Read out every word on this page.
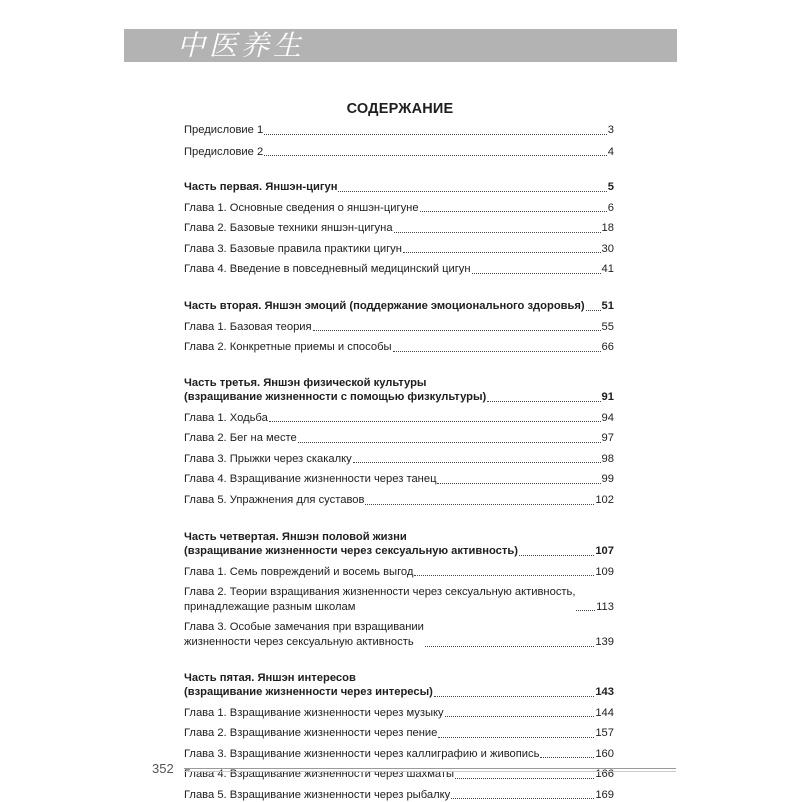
中医养生
СОДЕРЖАНИЕ
Предисловие 1	3
Предисловие 2	4
Часть первая. Яншэн-цигун	5
Глава 1. Основные сведения о яншэн-цигуне	6
Глава 2. Базовые техники яншэн-цигуна	18
Глава 3. Базовые правила практики цигун	30
Глава 4. Введение в повседневный медицинский цигун	41
Часть вторая. Яншэн эмоций (поддержание эмоционального здоровья) 51
Глава 1. Базовая теория	55
Глава 2. Конкретные приемы и способы	66
Часть третья. Яншэн физической культуры
(взращивание жизненности с помощью физкультуры)	91
Глава 1. Ходьба	94
Глава 2. Бег на месте	97
Глава 3. Прыжки через скакалку	98
Глава 4. Взращивание жизненности через танец	99
Глава 5. Упражнения для суставов	102
Часть четвертая. Яншэн половой жизни
(взращивание жизненности через сексуальную активность)	107
Глава 1. Семь повреждений и восемь выгод	109
Глава 2. Теории взращивания жизненности через сексуальную активность,
принадлежащие разным школам	113
Глава 3. Особые замечания при взращивании
жизненности через сексуальную активность	139
Часть пятая. Яншэн интересов
(взращивание жизненности через интересы)	143
Глава 1. Взращивание жизненности через музыку	144
Глава 2. Взращивание жизненности через пение	157
Глава 3. Взращивание жизненности через каллиграфию и живопись	160
Глава 4. Взращивание жизненности через шахматы	166
Глава 5. Взращивание жизненности через рыбалку	169
352
